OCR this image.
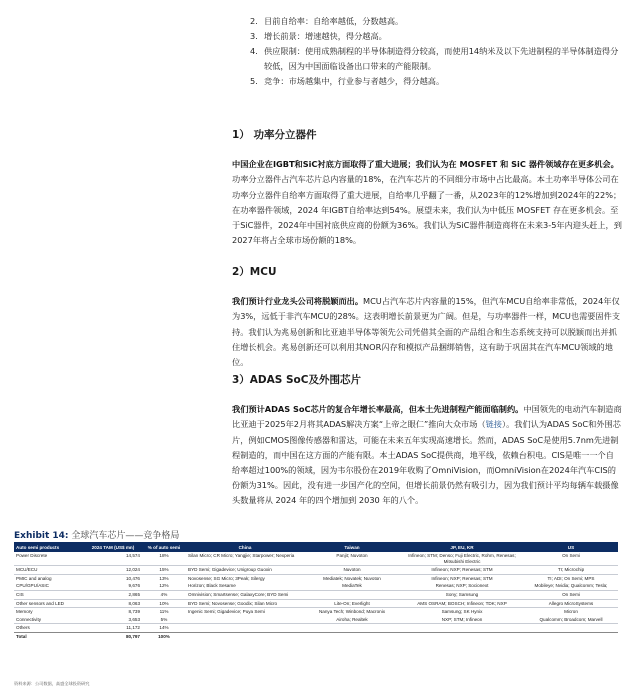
2. 目前自给率：自给率越低，分数越高。
3. 增长前景：增速越快，得分越高。
4. 供应限制：使用成熟制程的半导体制造得分较高，而使用14纳米及以下先进制程的半导体制造得分较低，因为中国面临设备出口带来的产能限制。
5. 竞争：市场越集中，行业参与者越少，得分越高。
1） 功率分立器件
中国企业在IGBT和SiC衬底方面取得了重大进展；我们认为在 MOSFET 和 SiC 器件领域存在更多机会。功率分立器件占汽车芯片总内容量的18%，在汽车芯片的不同细分市场中占比最高。本土功率半导体公司在功率分立器件自给率方面取得了重大进展，自给率几乎翻了一番，从2023年的12%增加到2024年的22%；在功率器件领域，2024 年IGBT自给率达到54%。展望未来，我们认为中低压 MOSFET 存在更多机会。至于SiC器件，2024年中国衬底供应商的份额为36%。我们认为SiC器件制造商将在未来3-5年内迎头赶上，到2027年将占全球市场份额的18%。
2）MCU
我们预计行业龙头公司将脱颖而出。MCU占汽车芯片内容量的15%，但汽车MCU自给率非常低，2024年仅为3%，远低于非汽车MCU的28%。这表明增长前景更为广阔。但是，与功率器件一样，MCU也需要固件支持。我们认为兆易创新和比亚迪半导体等领先公司凭借其全面的产品组合和生态系统支持可以脱颖而出并抓住增长机会。兆易创新还可以利用其NOR闪存和模拟产品捆绑销售，这有助于巩固其在汽车MCU领域的地位。
3）ADAS SoC及外围芯片
我们预计ADAS SoC芯片的复合年增长率最高，但本土先进制程产能面临制约。中国领先的电动汽车制造商比亚迪于2025年2月将其ADAS解决方案“上帝之眼仁”推向大众市场（链接）。我们认为ADAS SoC和外围芯片，例如CMOS图像传感器和雷达，可能在未来五年实现高速增长。然而，ADAS SoC是使用5.7nm先进制程制造的，而中国在这方面的产能有限。本土ADAS SoC提供商，地平线，依赖台积电。CIS是唯一一个自给率超过100%的领域，因为韦尔股份在2019年收购了OmniVision，而OmniVision在2024年汽车CIS的份额为31%。因此，没有进一步国产化的空间，但增长前景仍然有吸引力，因为我们预计平均每辆车载摄像头数量将从 2024 年的四个增加到 2030 年的八个。
Exhibit 14: 全球汽车芯片——竞争格局
Auto semi products	2024 TAM (US$ mn)	% of auto semi	China	Taiwan	JP, EU, KR	US
Power Discrete	14,574	18%	Silan Micro; CR Micro; Yangjie; Starpower; Nexperia	Panjit; Nuvoton	Infineon; STM; Denso; Fuji Electric, Rohm, Renesas; Mitsubishi Electric	On Semi
MCU/ECU	12,024	15%	BYD Semi; Gigadevice; Unigroup Guoxin	Nuvoton	Infineon; NXP; Renesas; STM	TI; Microchip
PMIC and analog	10,476	13%	Novosense; SG Micro; 3Peak; Silergy	Mediatek; Novatek; Nuvoton	Infineon; NXP; Renesas; STM	TI; ADI; On Semi; MPS
CPU/GPU/ASIC	9,676	12%	Horizon; Black Sesame	MediaTek	Renesas; NXP; Socionext	Mobileye; Nvidia; Qualcomm; Tesla;
CIS	2,865	4%	Omnivision; Smartsense; GalaxyCore; BYD Semi		Sony; Samsung	On Semi
Other sensors and LED	8,063	10%	BYD Semi; Novosense; Goodix; Silan Micro	Lite-On; Everlight	AMS OSRAM; BOSCH; Infineon; TDK; NXP	Allegro MicroSystems
Memory	8,739	11%	Ingenic Semi; Gigadevice; Puya Semi	Nanya Tech; Winbond; Macronix	Samsung; SK Hynix	Micron
Connectivity	3,653	5%		Airoha; Realtek	NXP; STM; Infineon	Qualcomm; Broadcom; Marvell
Others	11,172	14%				
Total	80,797	100%				
资料来源：公司数据，高盛全球投资研究
